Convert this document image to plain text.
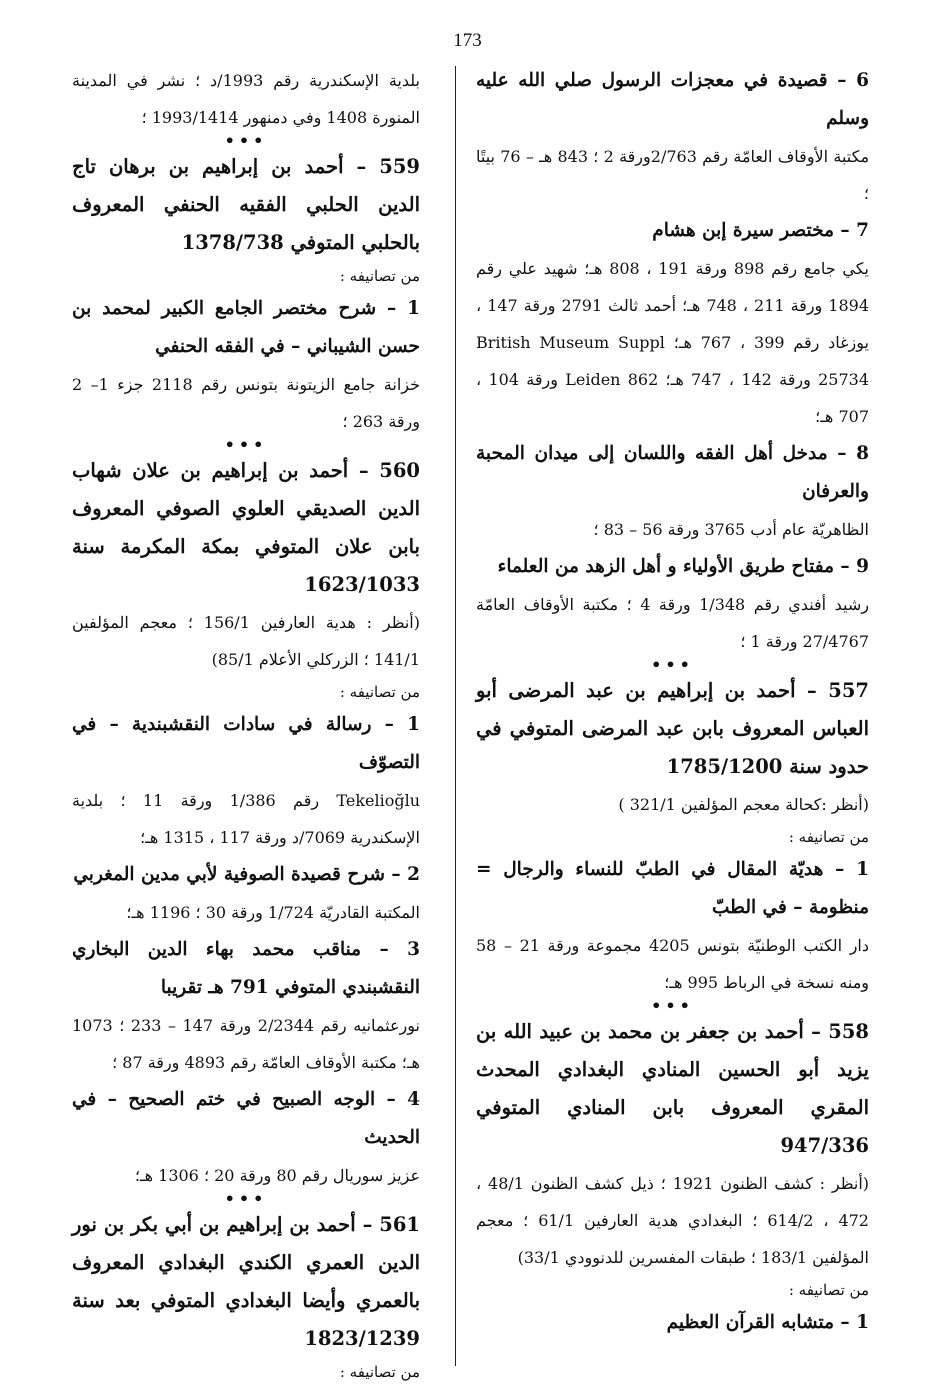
173

6 – قصيدة في معجزات الرسول صلي الله عليه وسلم

مكتبة الأوقاف العامّة رقم 2/763ورقة 2 ؛ 843 هـ – 76 بيتًا ؛

7 – مختصر سيرة إبن هشام

يكي جامع رقم 898 ورقة 191 ، 808 هـ؛ شهيد علي رقم 1894 ورقة 211 ، 748 هـ؛ أحمد ثالث 2791 ورقة 147 ، يوزغاد رقم 399 ، 767 هـ؛ British Museum Suppl 25734 ورقة 142 ، 747 هـ؛ Leiden 862 ورقة 104 ، 707 هـ؛

8 – مدخل أهل الفقه واللسان إلى ميدان المحبة والعرفان

الظاهريّة عام أدب 3765 ورقة 56 – 83 ؛

9 – مفتاح طريق الأولياء و أهل الزهد من العلماء

رشيد أفندي رقم 1/348 ورقة 4 ؛ مكتبة الأوقاف العامّة 27/4767 ورقة 1 ؛

•••

557 – أحمد بن إبراهيم بن عبد المرضى أبو العباس المعروف بابن عبد المرضى المتوفي في حدود سنة 1785/1200

(أنظر :كحالة معجم المؤلفين 321/1 )

من تصانيفه :

1 – هديّة المقال في الطبّ للنساء والرجال = منظومة – في الطبّ

دار الكتب الوطنيّة بتونس 4205 مجموعة ورقة 21 – 58 ومنه نسخة في الرباط 995 هـ؛

•••

558 – أحمد بن جعفر بن محمد بن عبيد الله بن يزيد أبو الحسين المنادي البغدادي المحدث المقري المعروف بابن المنادي المتوفي 947/336

(أنظر : كشف الظنون 1921 ؛ ذيل كشف الظنون 48/1 ، 472 ، 614/2 ؛ البغدادي هدية العارفين 61/1 ؛ معجم المؤلفين 183/1 ؛ طبقات المفسرين للدنوودي 33/1)

من تصانيفه :

1 – متشابه القرآن العظيم

بلدية الإسكندرية رقم 1993/د ؛ نشر في المدينة المنورة 1408 وفي دمنهور 1993/1414 ؛

•••

559 – أحمد بن إبراهيم بن برهان تاج الدين الحلبي الفقيه الحنفي المعروف بالحلبي المتوفي 1378/738

من تصانيفه :

1 – شرح مختصر الجامع الكبير لمحمد بن حسن الشيباني – في الفقه الحنفي

خزانة جامع الزيتونة بتونس رقم 2118 جزء 1– 2 ورقة 263 ؛

•••

560 – أحمد بن إبراهيم بن علان شهاب الدين الصديقي العلوي الصوفي المعروف بابن علان المتوفي بمكة المكرمة سنة 1623/1033

(أنظر : هدية العارفين 156/1 ؛ معجم المؤلفين 141/1 ؛ الزركلي الأعلام 85/1)

من تصانيفه :

1 – رسالة في سادات النقشبندية – في التصوّف

Tekelioğlu رقم 1/386 ورقة 11 ؛ بلدية الإسكندرية 7069/د ورقة 117 ، 1315 هـ؛

2 – شرح قصيدة الصوفية لأبي مدين المغربي

المكتبة القادريّة 1/724 ورقة 30 ؛ 1196 هـ؛

3 – مناقب محمد بهاء الدين البخاري النقشبندي المتوفي 791 هـ تقريبا

نورعثمانيه رقم 2/2344 ورقة 147 – 233 ؛ 1073 هـ؛ مكتبة الأوقاف العامّة رقم 4893 ورقة 87 ؛

4 – الوجه الصبيح في ختم الصحيح – في الحديث

عزيز سوريال رقم 80 ورقة 20 ؛ 1306 هـ؛

•••

561 – أحمد بن إبراهيم بن أبي بكر بن نور الدين العمري الكندي البغدادي المعروف بالعمري وأيضا البغدادي المتوفي بعد سنة 1823/1239

من تصانيفه :
